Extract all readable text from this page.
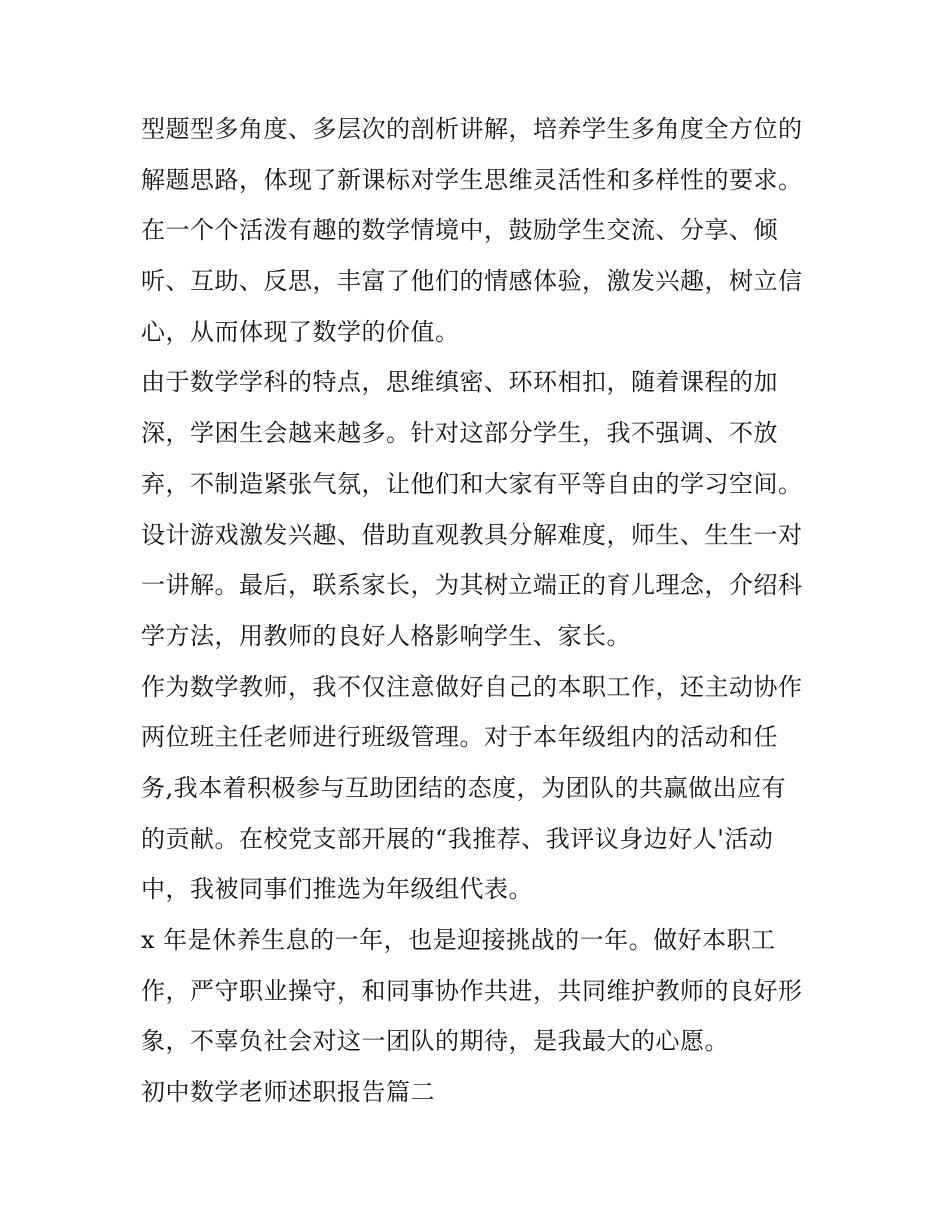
型题型多角度、多层次的剖析讲解，培养学生多角度全方位的
解题思路，体现了新课标对学生思维灵活性和多样性的要求。
在一个个活泼有趣的数学情境中，鼓励学生交流、分享、倾
听、互助、反思，丰富了他们的情感体验，激发兴趣，树立信
心，从而体现了数学的价值。
由于数学学科的特点，思维缜密、环环相扣，随着课程的加
深，学困生会越来越多。针对这部分学生，我不强调、不放
弃，不制造紧张气氛，让他们和大家有平等自由的学习空间。
设计游戏激发兴趣、借助直观教具分解难度，师生、生生一对
一讲解。最后，联系家长，为其树立端正的育儿理念，介绍科
学方法，用教师的良好人格影响学生、家长。
作为数学教师，我不仅注意做好自己的本职工作，还主动协作
两位班主任老师进行班级管理。对于本年级组内的活动和任
务,我本着积极参与互助团结的态度，为团队的共赢做出应有
的贡献。在校党支部开展的“我推荐、我评议身边好人'活动
中，我被同事们推选为年级组代表。
x 年是休养生息的一年，也是迎接挑战的一年。做好本职工
作，严守职业操守，和同事协作共进，共同维护教师的良好形
象，不辜负社会对这一团队的期待，是我最大的心愿。
初中数学老师述职报告篇二
